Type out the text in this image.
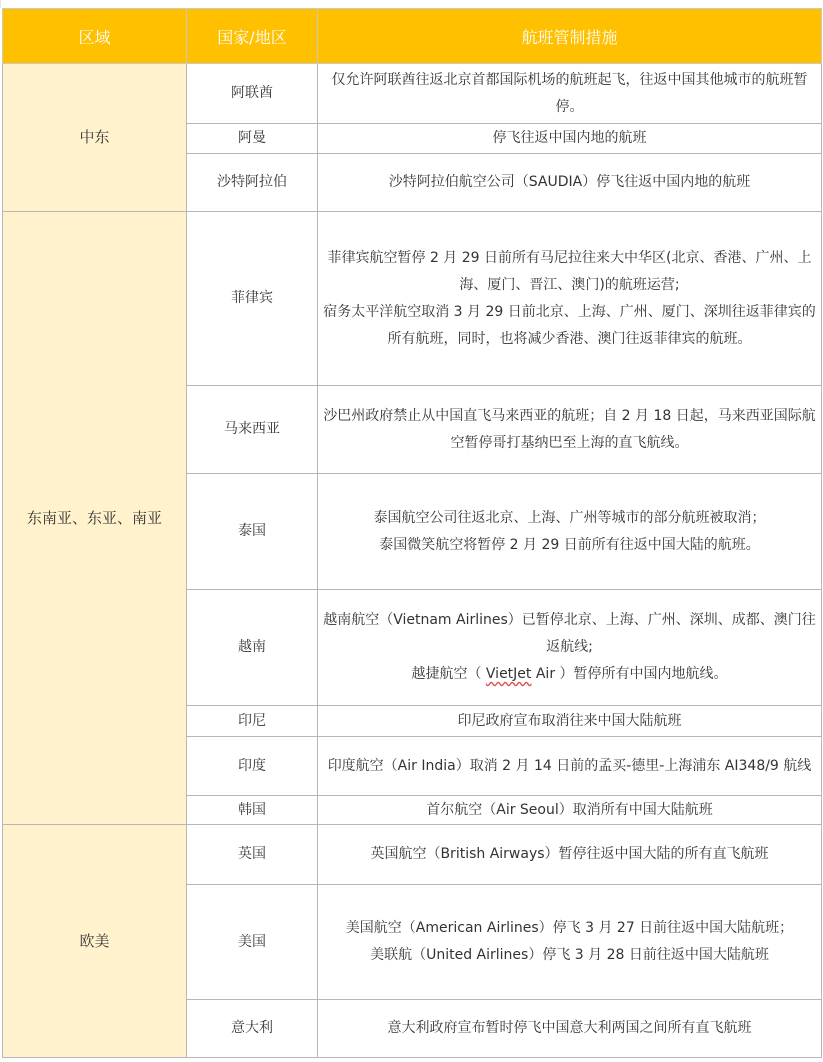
区域	国家/地区	航班管制措施
中东	阿联酋	仅允许阿联酋往返北京首都国际机场的航班起飞，往返中国其他城市的航班暂停。

	阿曼	停飞往返中国内地的航班

	沙特阿拉伯	沙特阿拉伯航空公司（SAUDIA）停飞往返中国内地的航班

东南亚、东亚、南亚	菲律宾	菲律宾航空暂停 2 月 29 日前所有马尼拉往来大中华区(北京、香港、广州、上海、厦门、晋江、澳门)的航班运营;
宿务太平洋航空取消 3 月 29 日前北京、上海、广州、厦门、深圳往返菲律宾的所有航班，同时，也将减少香港、澳门往返菲律宾的航班。

	马来西亚	沙巴州政府禁止从中国直飞马来西亚的航班；自 2 月 18 日起，马来西亚国际航空暂停哥打基纳巴至上海的直飞航线。

	泰国	泰国航空公司往返北京、上海、广州等城市的部分航班被取消；
泰国微笑航空将暂停 2 月 29 日前所有往返中国大陆的航班。

	越南	越南航空（Vietnam Airlines）已暂停北京、上海、广州、深圳、成都、澳门往返航线;
越捷航空（ VietJet Air ）暂停所有中国内地航线。

	印尼	印尼政府宣布取消往来中国大陆航班

	印度	印度航空（Air India）取消 2 月 14 日前的孟买-德里-上海浦东 AI348/9 航线

	韩国	首尔航空（Air Seoul）取消所有中国大陆航班

欧美	英国	英国航空（British Airways）暂停往返中国大陆的所有直飞航班

	美国	美国航空（American Airlines）停飞 3 月 27 日前往返中国大陆航班；
美联航（United Airlines）停飞 3 月 28 日前往返中国大陆航班

	意大利	意大利政府宣布暂时停飞中国意大利两国之间所有直飞航班
